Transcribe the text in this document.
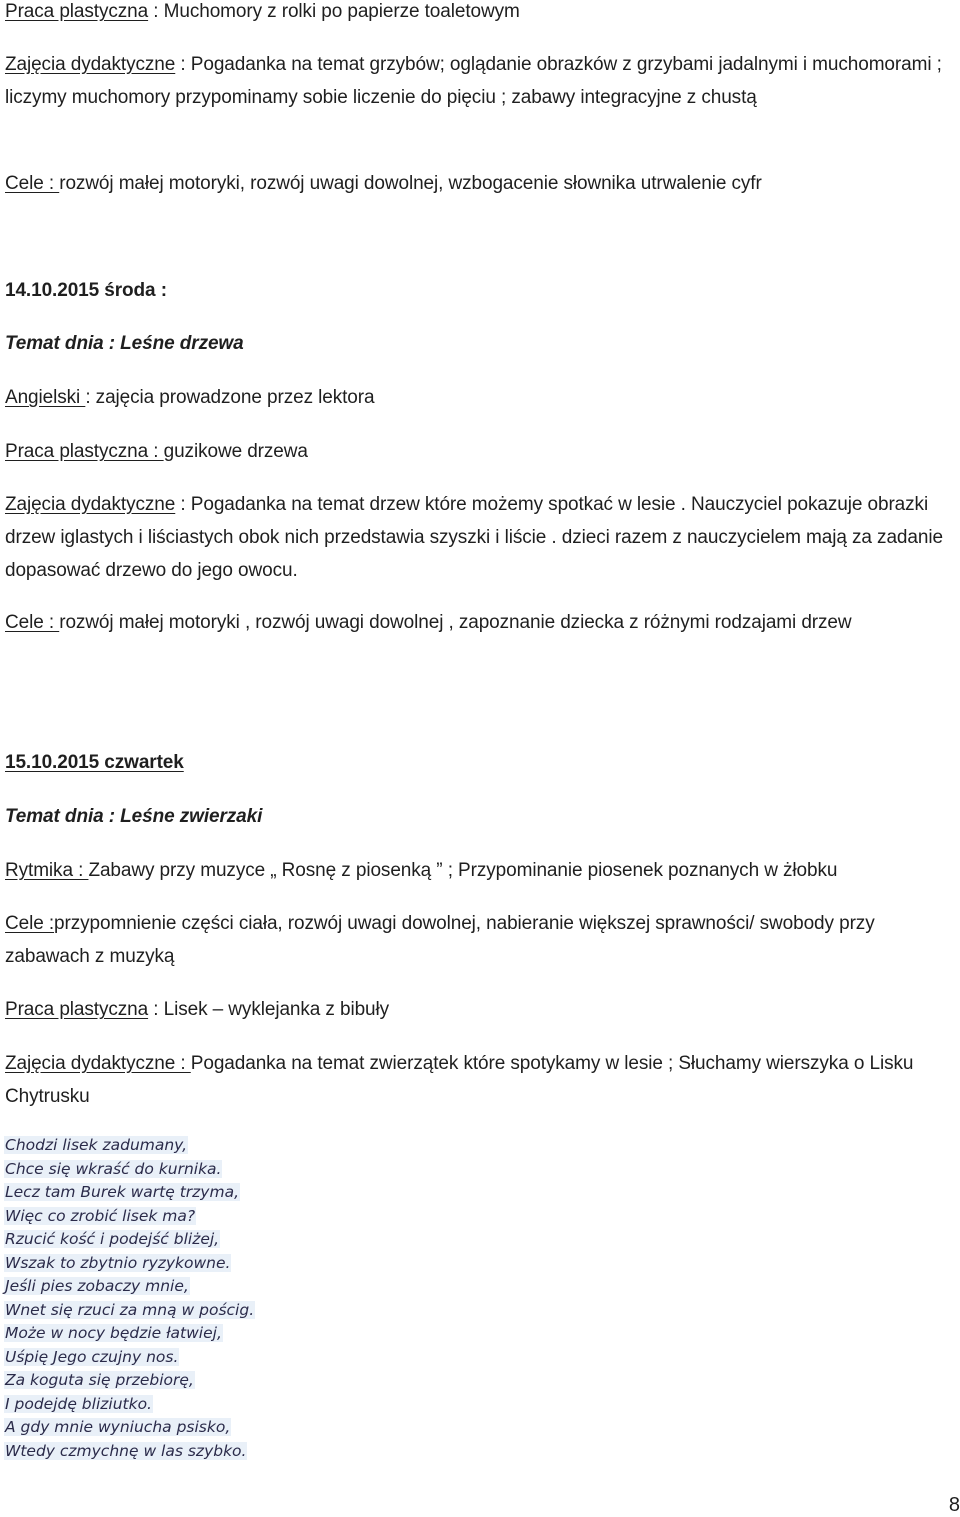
Praca plastyczna : Muchomory z rolki po papierze toaletowym
Zajęcia dydaktyczne : Pogadanka na temat grzybów; oglądanie obrazków z grzybami jadalnymi i muchomorami ; liczymy muchomory przypominamy sobie liczenie do pięciu ; zabawy integracyjne z chustą
Cele : rozwój małej motoryki, rozwój uwagi dowolnej, wzbogacenie słownika utrwalenie cyfr
14.10.2015 środa :
Temat dnia : Leśne drzewa
Angielski : zajęcia prowadzone przez lektora
Praca plastyczna : guzikowe drzewa
Zajęcia dydaktyczne : Pogadanka na temat drzew które możemy spotkać w lesie . Nauczyciel pokazuje obrazki drzew iglastych i liściastych obok nich przedstawia szyszki i liście . dzieci razem z nauczycielem mają za zadanie dopasować drzewo do jego owocu.
Cele : rozwój małej motoryki , rozwój uwagi dowolnej , zapoznanie dziecka z różnymi rodzajami drzew
15.10.2015 czwartek
Temat dnia : Leśne zwierzaki
Rytmika : Zabawy przy muzyce „ Rosnę z piosenką ” ; Przypominanie piosenek poznanych w żłobku
Cele :przypomnienie części ciała, rozwój uwagi dowolnej, nabieranie większej sprawności/ swobody przy zabawach z muzyką
Praca plastyczna : Lisek – wyklejanka z bibuły
Zajęcia dydaktyczne : Pogadanka na temat zwierzątek które spotykamy w lesie ; Słuchamy wierszyka o Lisku Chytrusku
Chodzi lisek zadumany,
Chce się wkraść do kurnika.
Lecz tam Burek wartę trzyma,
Więc co zrobić lisek ma?
Rzucić kość i podejść bliżej,
Wszak to zbytnio ryzykowne.
Jeśli pies zobaczy mnie,
Wnet się rzuci za mną w pościg.
Może w nocy będzie łatwiej,
Uśpię Jego czujny nos.
Za koguta się przebiorę,
I podejdę bliziutko.
A gdy mnie wyniucha psisko,
Wtedy czmychnę w las szybko.
8
